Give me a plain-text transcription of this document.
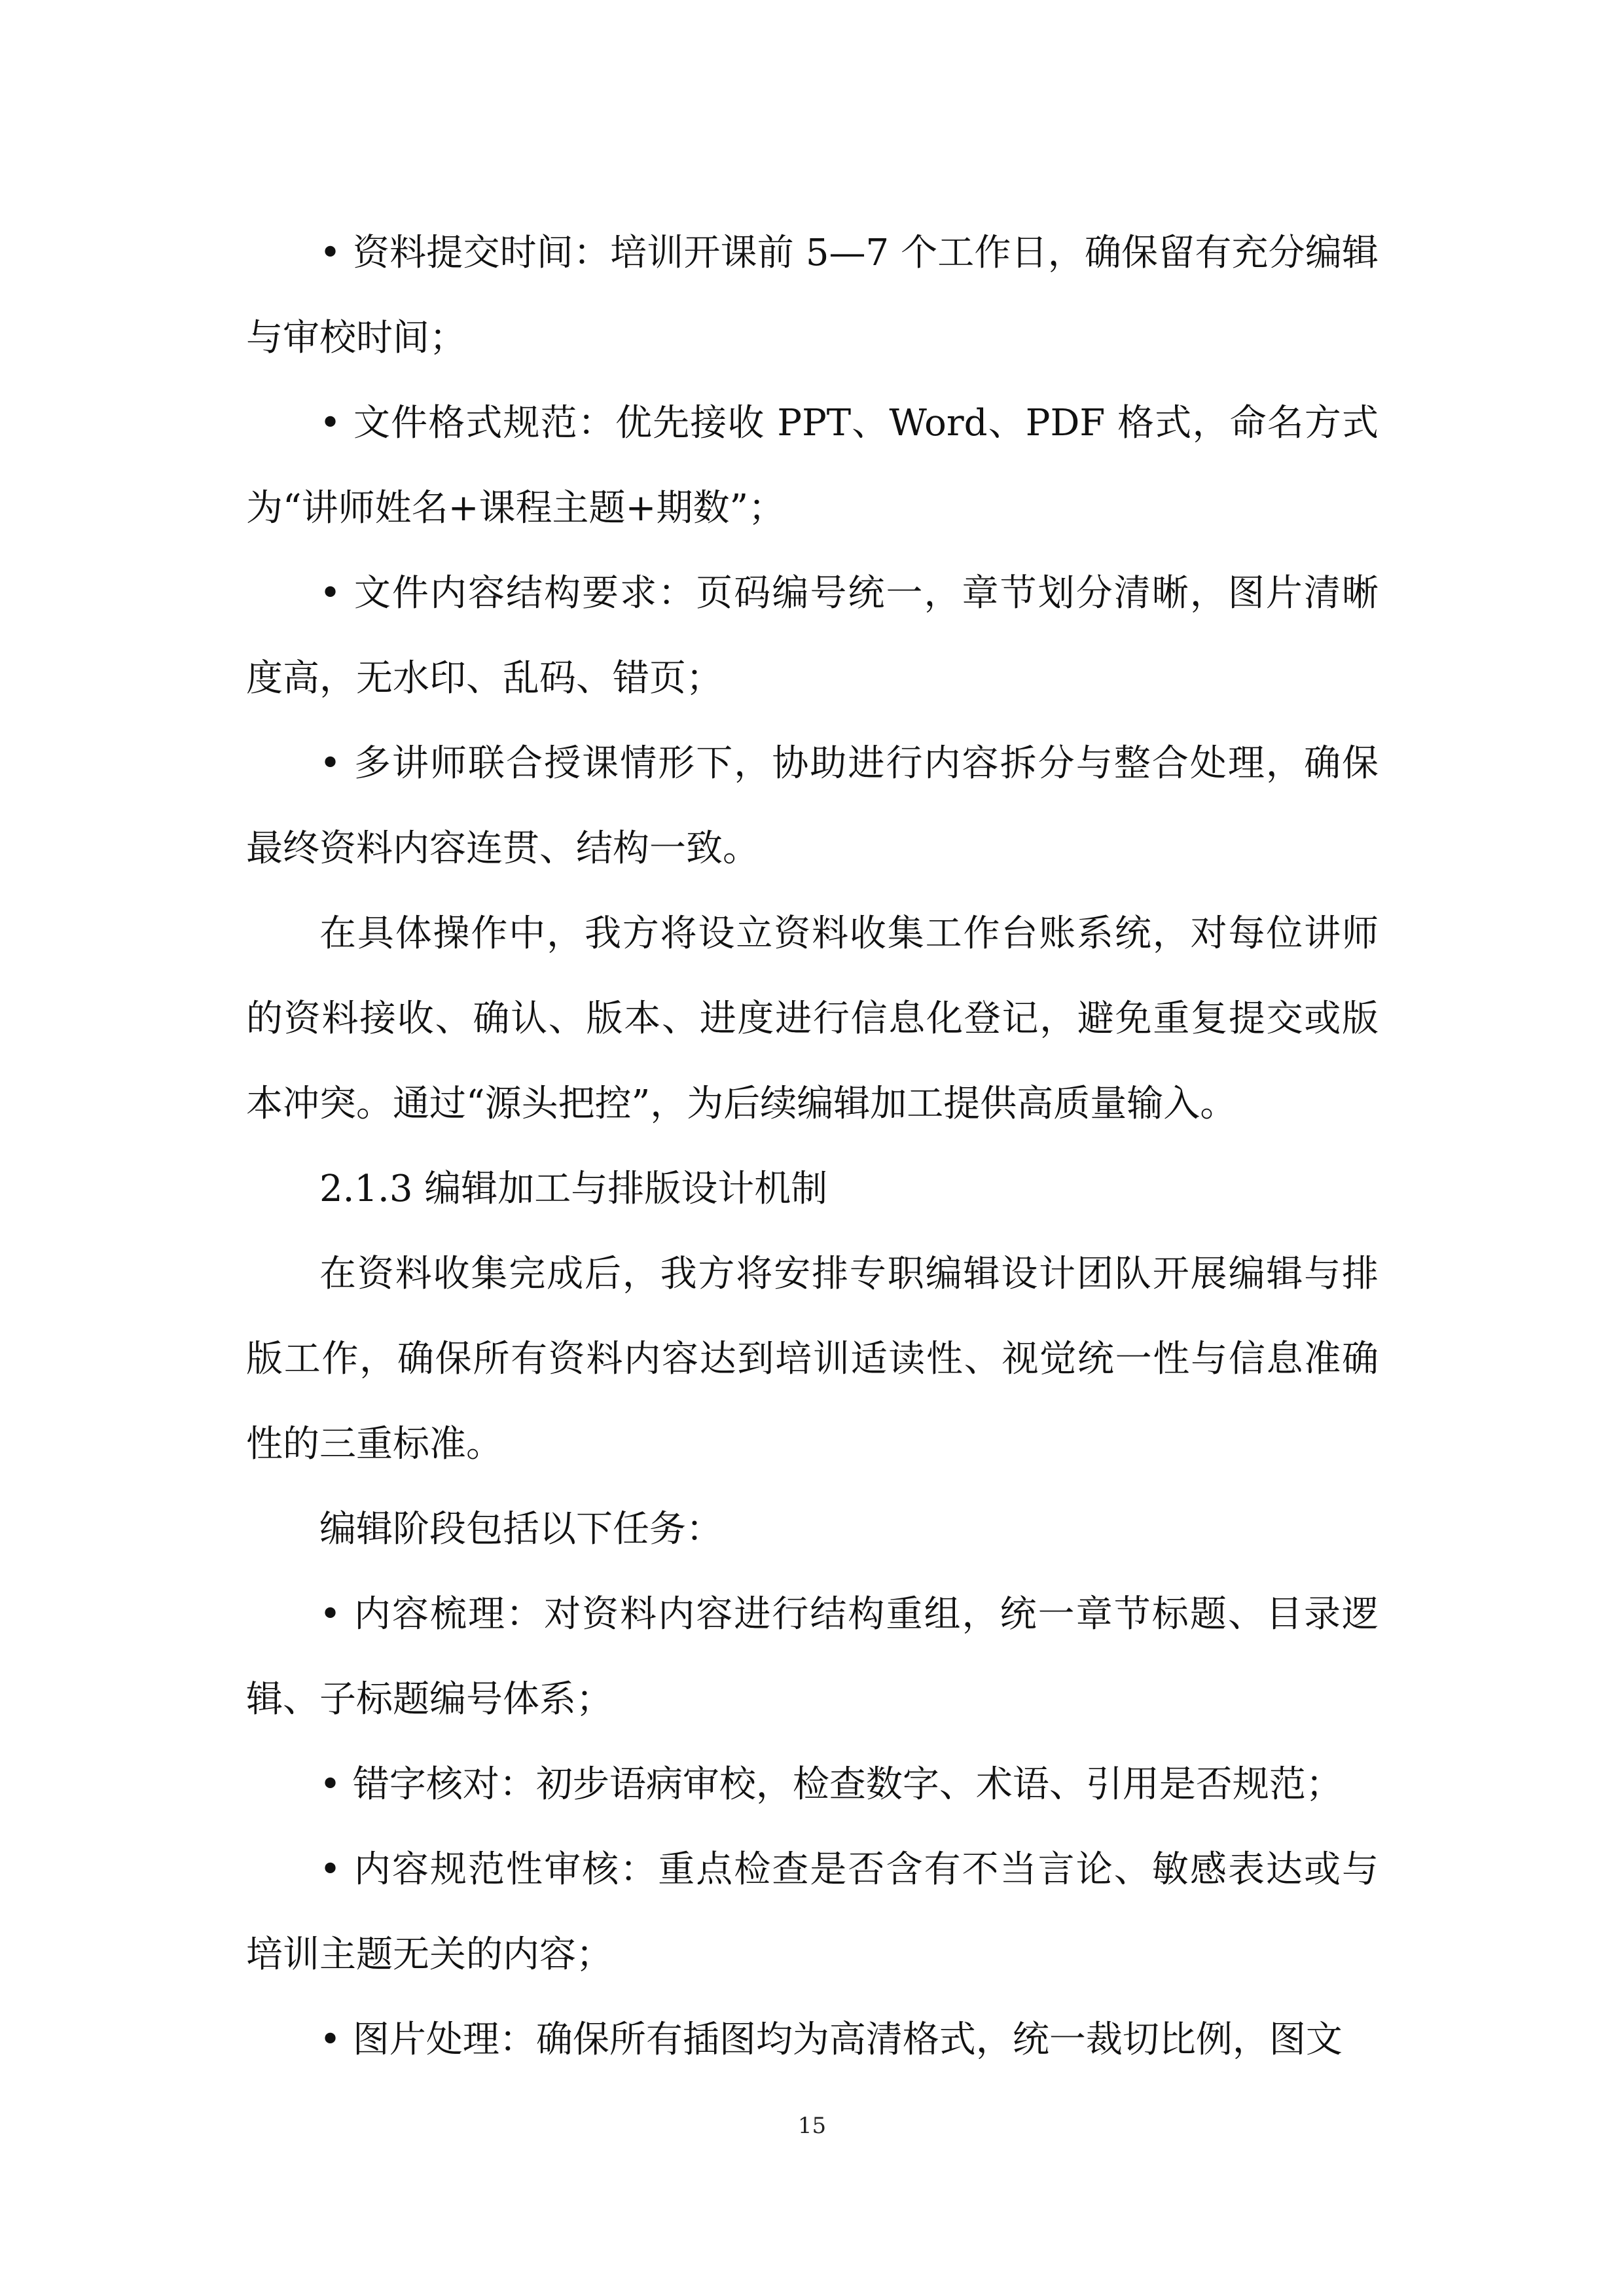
• 资料提交时间：培训开课前 5—7 个工作日，确保留有充分编辑与审校时间；

• 文件格式规范：优先接收 PPT、Word、PDF 格式，命名方式为“讲师姓名+课程主题+期数”；

• 文件内容结构要求：页码编号统一，章节划分清晰，图片清晰度高，无水印、乱码、错页；

• 多讲师联合授课情形下，协助进行内容拆分与整合处理，确保最终资料内容连贯、结构一致。

在具体操作中，我方将设立资料收集工作台账系统，对每位讲师的资料接收、确认、版本、进度进行信息化登记，避免重复提交或版本冲突。通过“源头把控”，为后续编辑加工提供高质量输入。

2.1.3 编辑加工与排版设计机制

在资料收集完成后，我方将安排专职编辑设计团队开展编辑与排版工作，确保所有资料内容达到培训适读性、视觉统一性与信息准确性的三重标准。

编辑阶段包括以下任务：

• 内容梳理：对资料内容进行结构重组，统一章节标题、目录逻辑、子标题编号体系；

• 错字核对：初步语病审校，检查数字、术语、引用是否规范；

• 内容规范性审核：重点检查是否含有不当言论、敏感表达或与培训主题无关的内容；

• 图片处理：确保所有插图均为高清格式，统一裁切比例，图文

15
